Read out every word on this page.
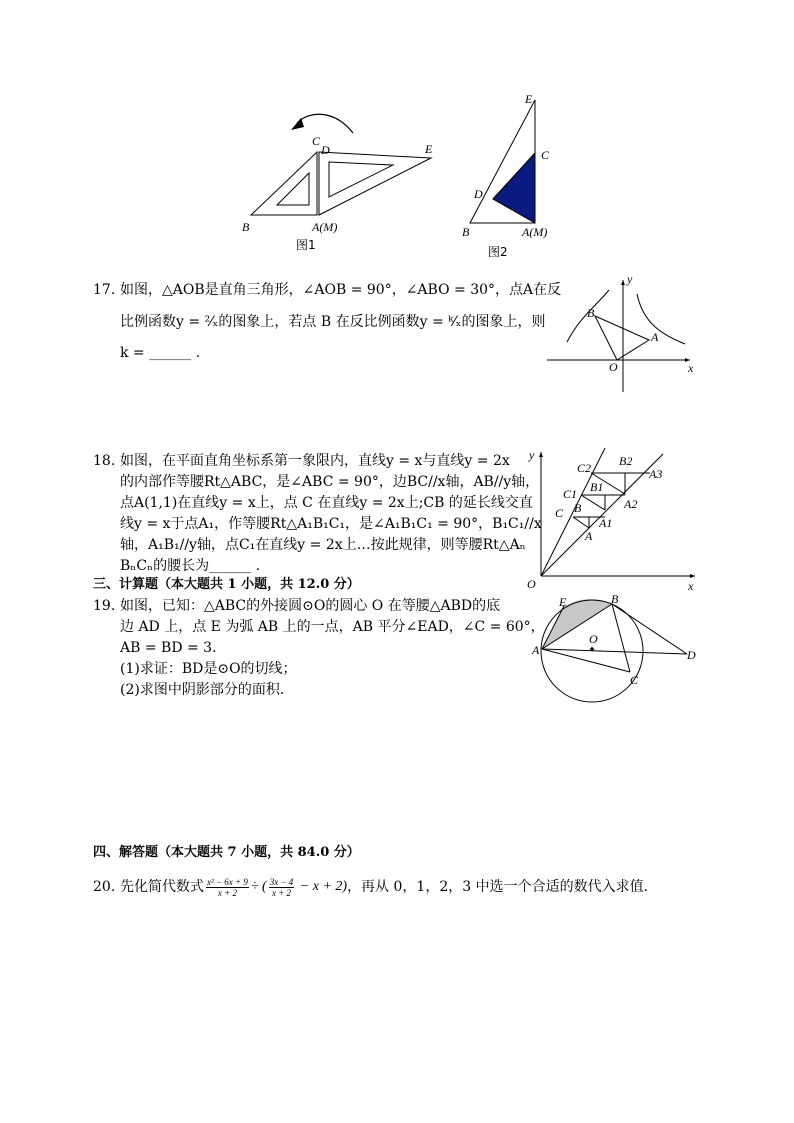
C
D	E
B	A(M)
图1
E
C
D
B	A(M)
图2
17. 如图，△AOB是直角三角形，∠AOB = 90°，∠ABO = 30°，点A在反
比例函数y = ²⁄ₓ的图象上，若点 B 在反比例函数y = ᵏ⁄ₓ的图象上，则
k = ______ .
y
B
A
O	x
18. 如图，在平面直角坐标系第一象限内，直线y = x与直线y = 2x
的内部作等腰Rt△ABC，是∠ABC = 90°，边BC//x轴，AB//y轴，
点A(1,1)在直线y = x上，点 C 在直线y = 2x上;CB 的延长线交直
线y = x于点A₁，作等腰Rt△A₁B₁C₁，是∠A₁B₁C₁ = 90°，B₁C₁//x
轴，A₁B₁//y轴，点C₁在直线y = 2x上…按此规律，则等腰Rt△Aₙ
BₙCₙ的腰长为______ .
y
C2 B2
A3
C1 B1
A2
C B
A1
A
O	x
三、计算题（本大题共 1 小题，共 12.0 分）
19. 如图，已知：△ABC的外接圆⊙O的圆心 O 在等腰△ABD的底
边 AD 上，点 E 为弧 AB 上的一点，AB 平分∠EAD，∠C = 60°，
AB = BD = 3．
(1)求证：BD是⊙O的切线；
(2)求图中阴影部分的面积．
E	B
O
A	D
C
四、解答题（本大题共 7 小题，共 84.0 分）
20. 先化简代数式 $\frac{\text{x² − 6x + 9}}{x + 2}$ ÷ ( $\frac{3x - 4}{x + 2} - x + 2$) ，再从 0，1，2，3 中选一个合适的数代入求值．
